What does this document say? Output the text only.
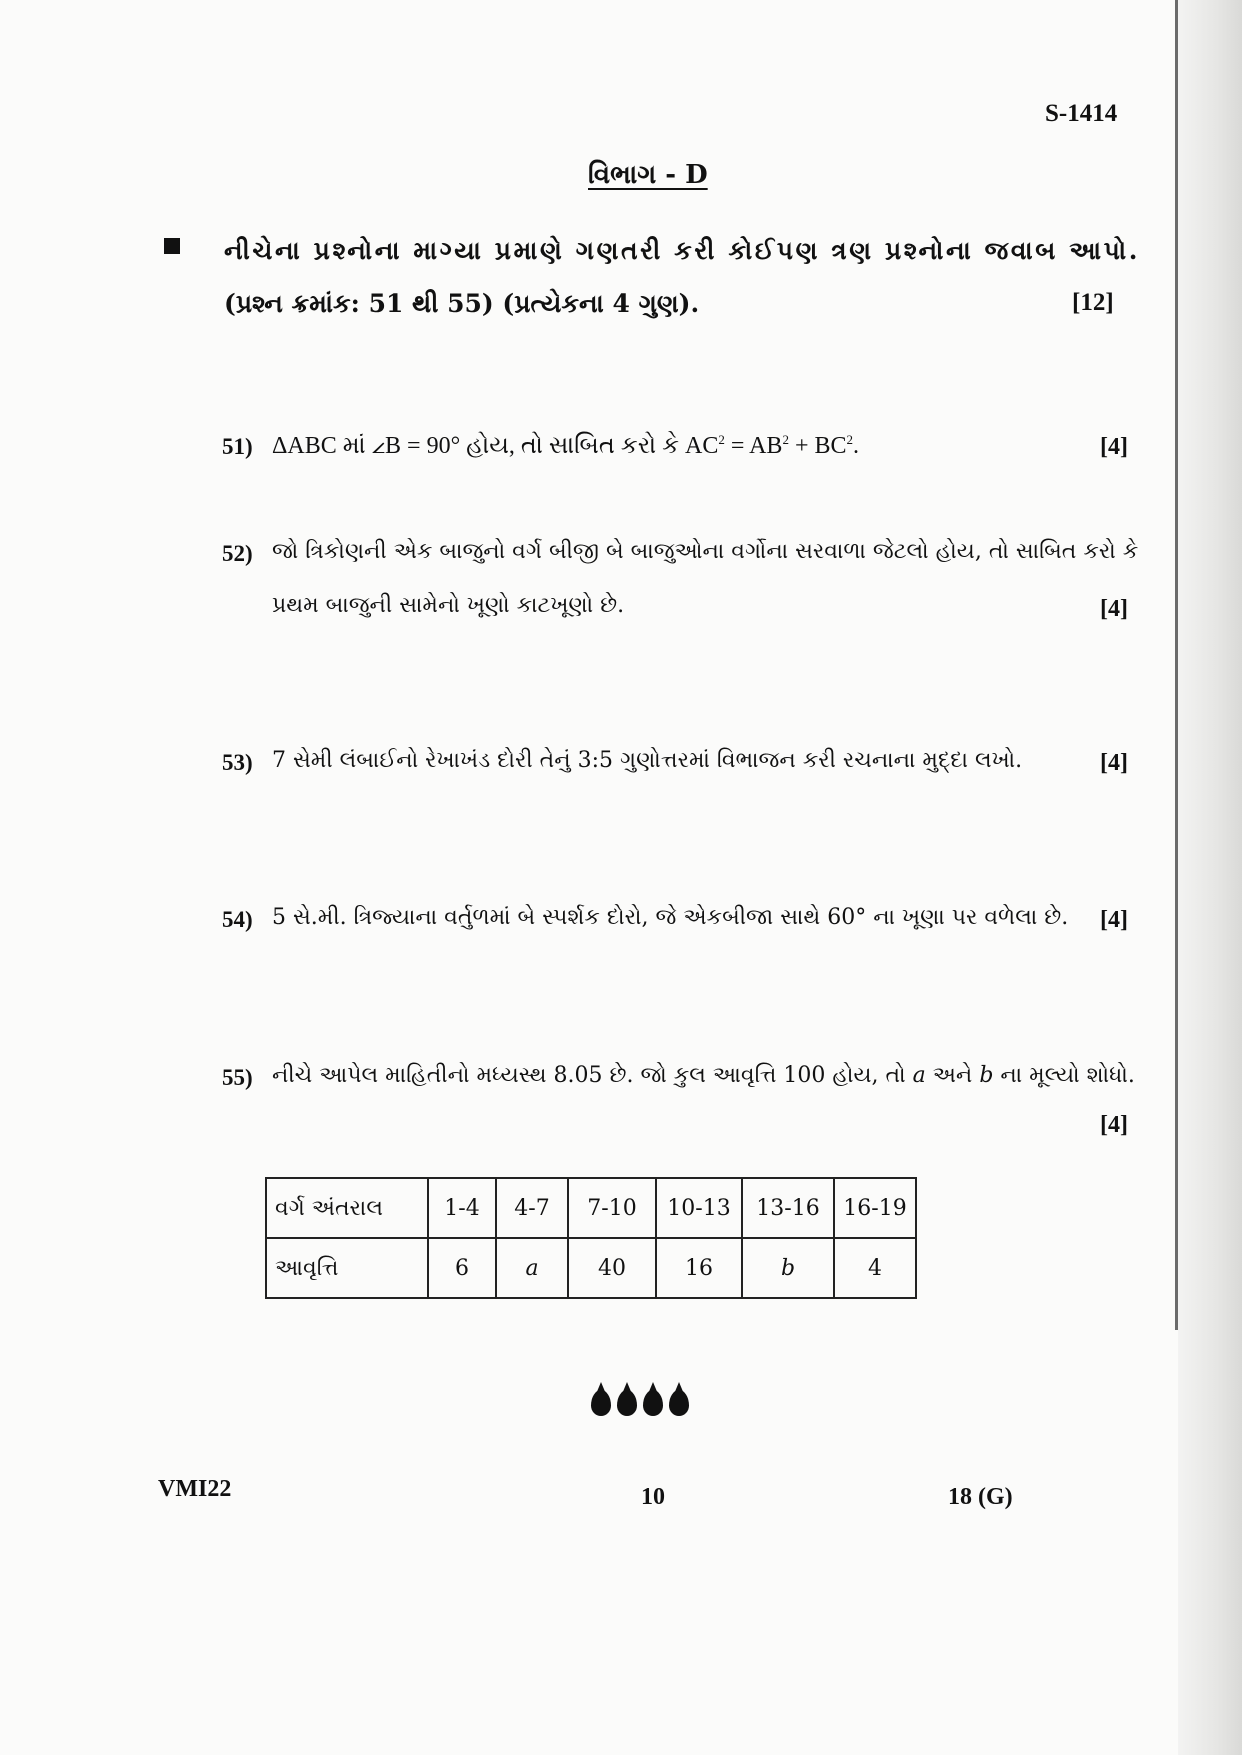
S-1414
વિભાગ - D
નીચેના પ્રશ્નોના માગ્યા પ્રમાણે ગણતરી કરી કોઈપણ ત્રણ પ્રશ્નોના જવાબ આપો.
(પ્રશ્ન ક્રમાંક: 51 થી 55) (પ્રત્યેકના 4 ગુણ).	[12]
51) ΔABC માં ∠B = 90° હોય, તો સાબિત કરો કે $AC^2 = AB^2 + BC^2$.	[4]
52) જો ત્રિકોણની એક બાજુનો વર્ગ બીજી બે બાજુઓના વર્ગોના સરવાળા જેટલો હોય, તો સાબિત કરો કે
પ્રથમ બાજુની સામેનો ખૂણો કાટખૂણો છે.	[4]
53) 7 સેમી લંબાઈનો રેખાખંડ દોરી તેનું 3:5 ગુણોત્તરમાં વિભાજન કરી રચનાના મુદ્દા લખો.	[4]
54) 5 સે.મી. ત્રિજ્યાના વર્તુળમાં બે સ્પર્શક દોરો, જે એકબીજા સાથે 60° ના ખૂણા પર વળેલા છે. [4]
55) નીચે આપેલ માહિતીનો મધ્યસ્થ 8.05 છે. જો કુલ આવૃત્તિ 100 હોય, તો a અને b ના મૂલ્યો શોધો.
[4]
વર્ગ અંતરાલ	1-4	4-7	7-10	10-13	13-16	16-19
આવૃત્તિ	6	a	40	16	b	4
VMI22	10	18 (G)
